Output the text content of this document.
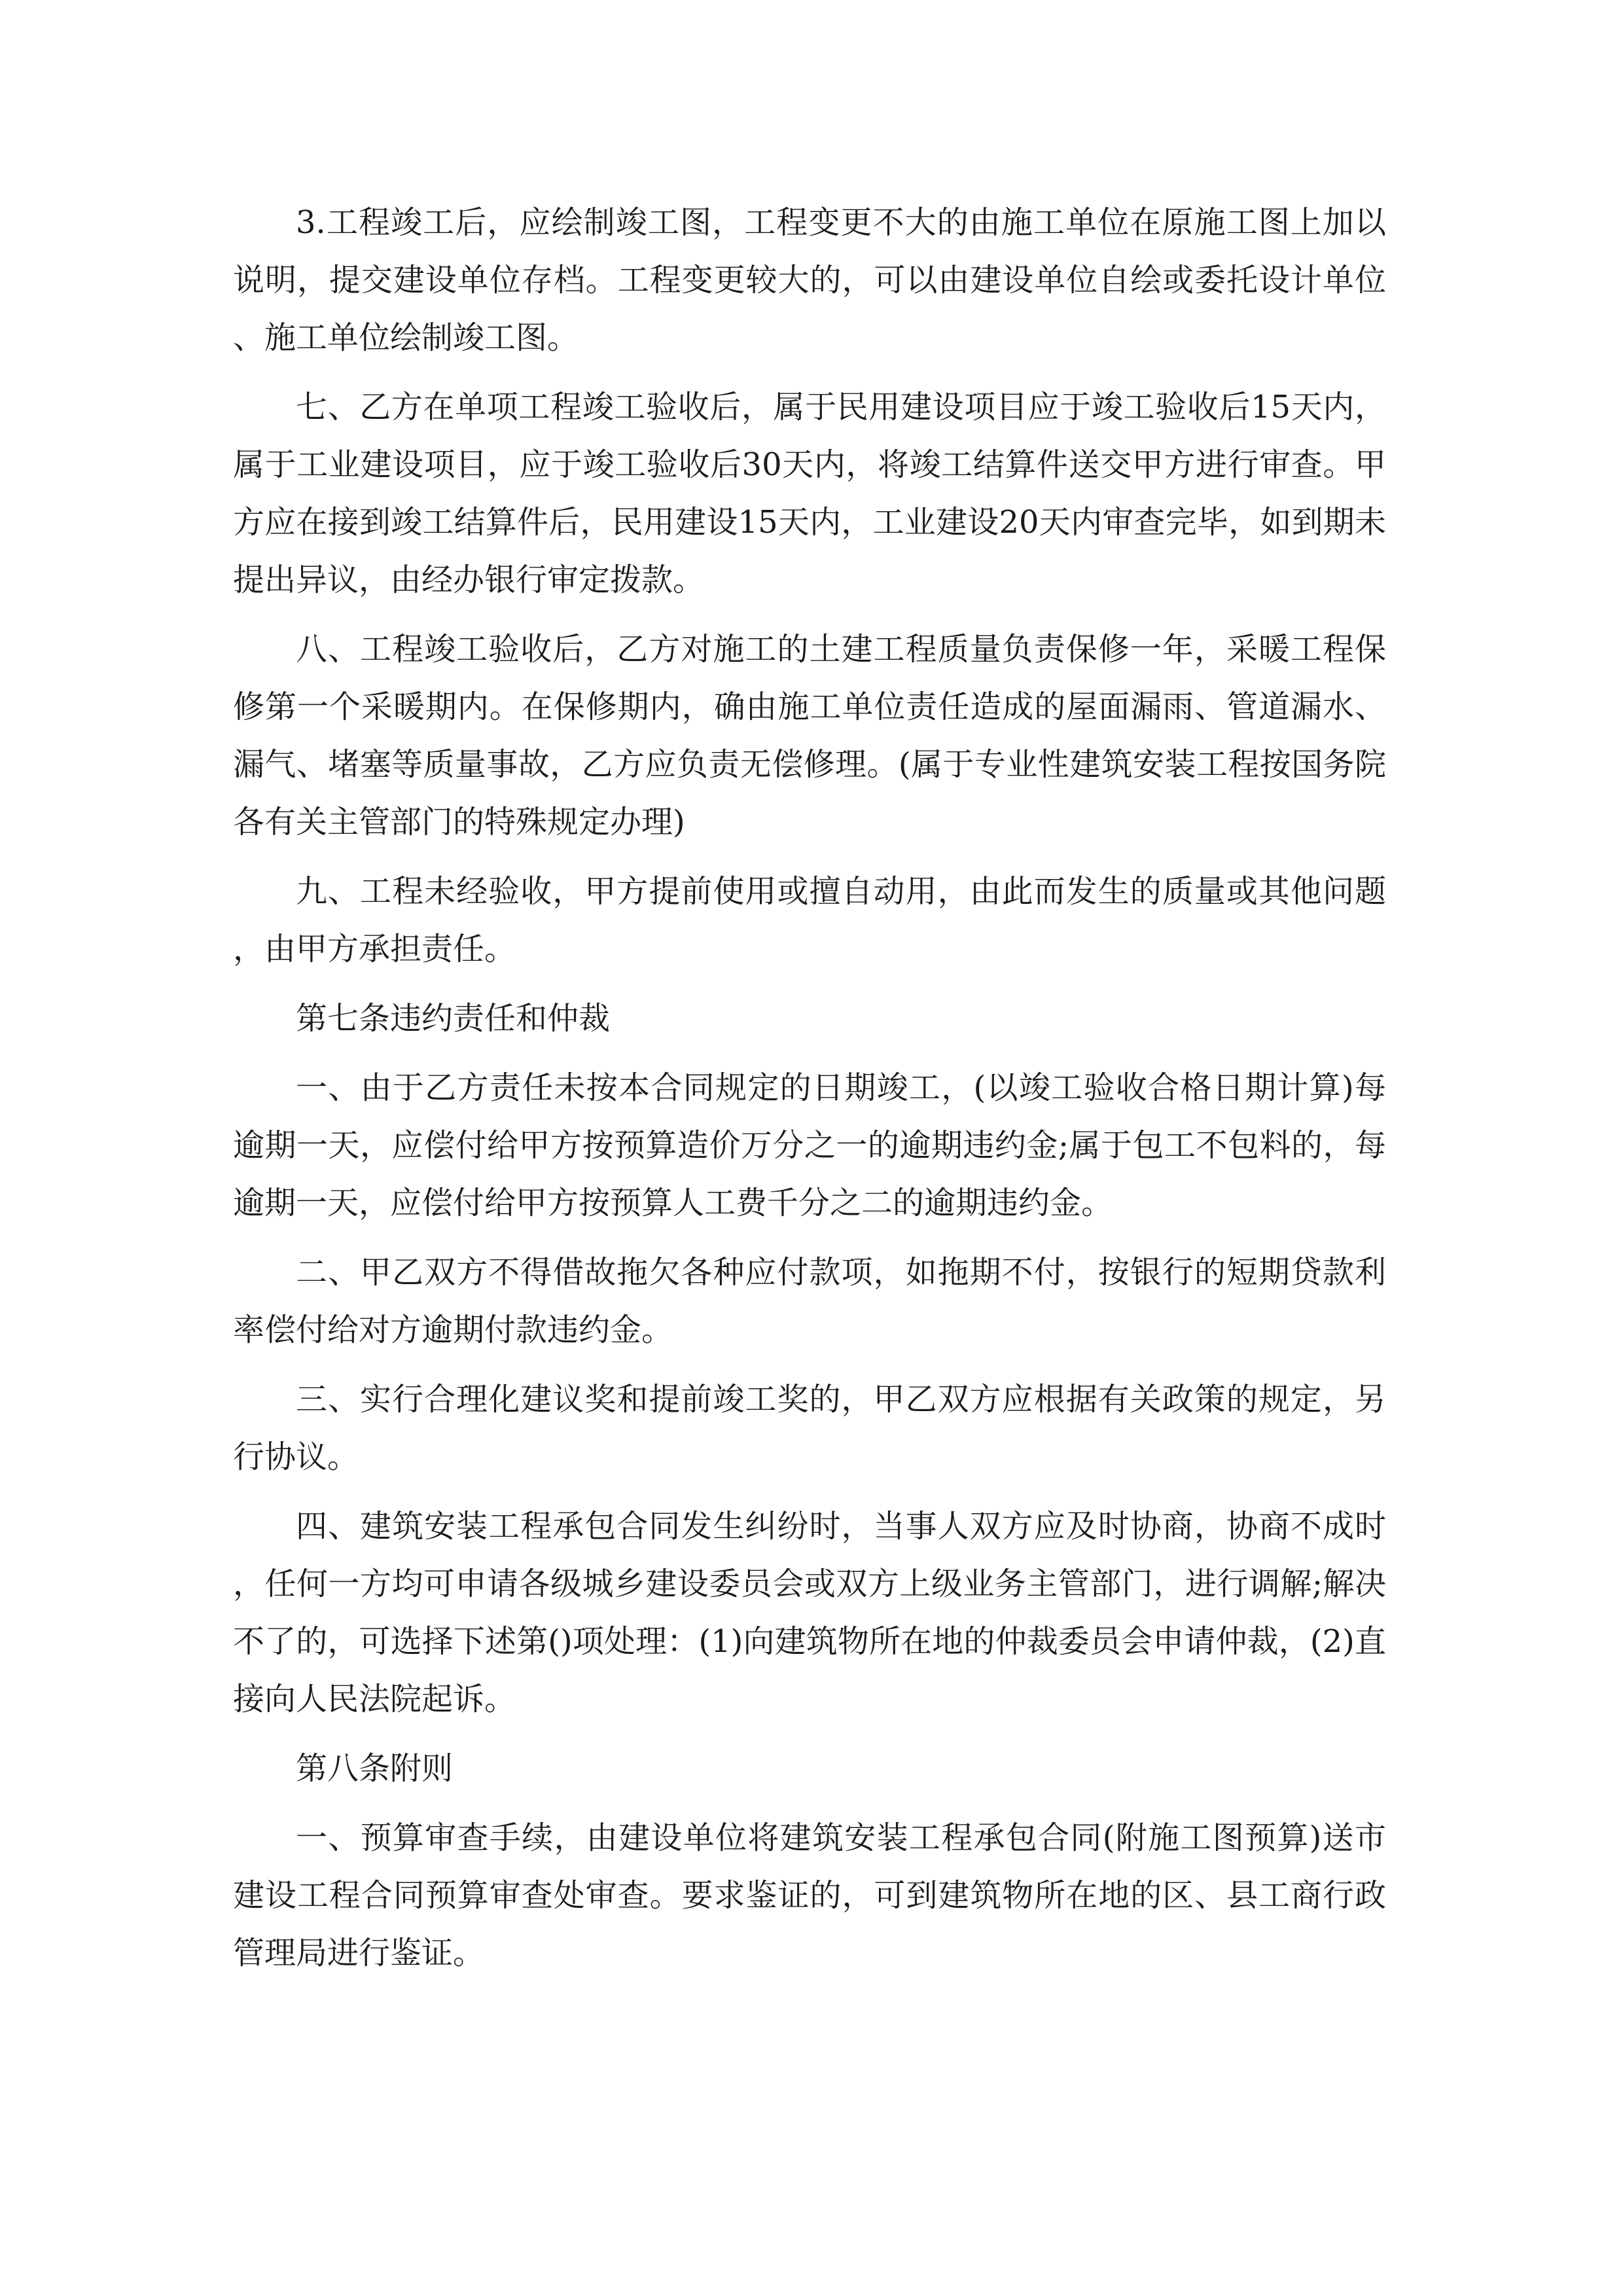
3.工程竣工后，应绘制竣工图，工程变更不大的由施工单位在原施工图上加以说明，提交建设单位存档。工程变更较大的，可以由建设单位自绘或委托设计单位、施工单位绘制竣工图。

七、乙方在单项工程竣工验收后，属于民用建设项目应于竣工验收后15天内，属于工业建设项目，应于竣工验收后30天内，将竣工结算件送交甲方进行审查。甲方应在接到竣工结算件后，民用建设15天内，工业建设20天内审查完毕，如到期未提出异议，由经办银行审定拨款。

八、工程竣工验收后，乙方对施工的土建工程质量负责保修一年，采暖工程保修第一个采暖期内。在保修期内，确由施工单位责任造成的屋面漏雨、管道漏水、漏气、堵塞等质量事故，乙方应负责无偿修理。(属于专业性建筑安装工程按国务院各有关主管部门的特殊规定办理)

九、工程未经验收，甲方提前使用或擅自动用，由此而发生的质量或其他问题，由甲方承担责任。

第七条违约责任和仲裁

一、由于乙方责任未按本合同规定的日期竣工，(以竣工验收合格日期计算)每逾期一天，应偿付给甲方按预算造价万分之一的逾期违约金;属于包工不包料的，每逾期一天，应偿付给甲方按预算人工费千分之二的逾期违约金。

二、甲乙双方不得借故拖欠各种应付款项，如拖期不付，按银行的短期贷款利率偿付给对方逾期付款违约金。

三、实行合理化建议奖和提前竣工奖的，甲乙双方应根据有关政策的规定，另行协议。

四、建筑安装工程承包合同发生纠纷时，当事人双方应及时协商，协商不成时，任何一方均可申请各级城乡建设委员会或双方上级业务主管部门，进行调解;解决不了的，可选择下述第()项处理：(1)向建筑物所在地的仲裁委员会申请仲裁，(2)直接向人民法院起诉。

第八条附则

一、预算审查手续，由建设单位将建筑安装工程承包合同(附施工图预算)送市建设工程合同预算审查处审查。要求鉴证的，可到建筑物所在地的区、县工商行政管理局进行鉴证。
